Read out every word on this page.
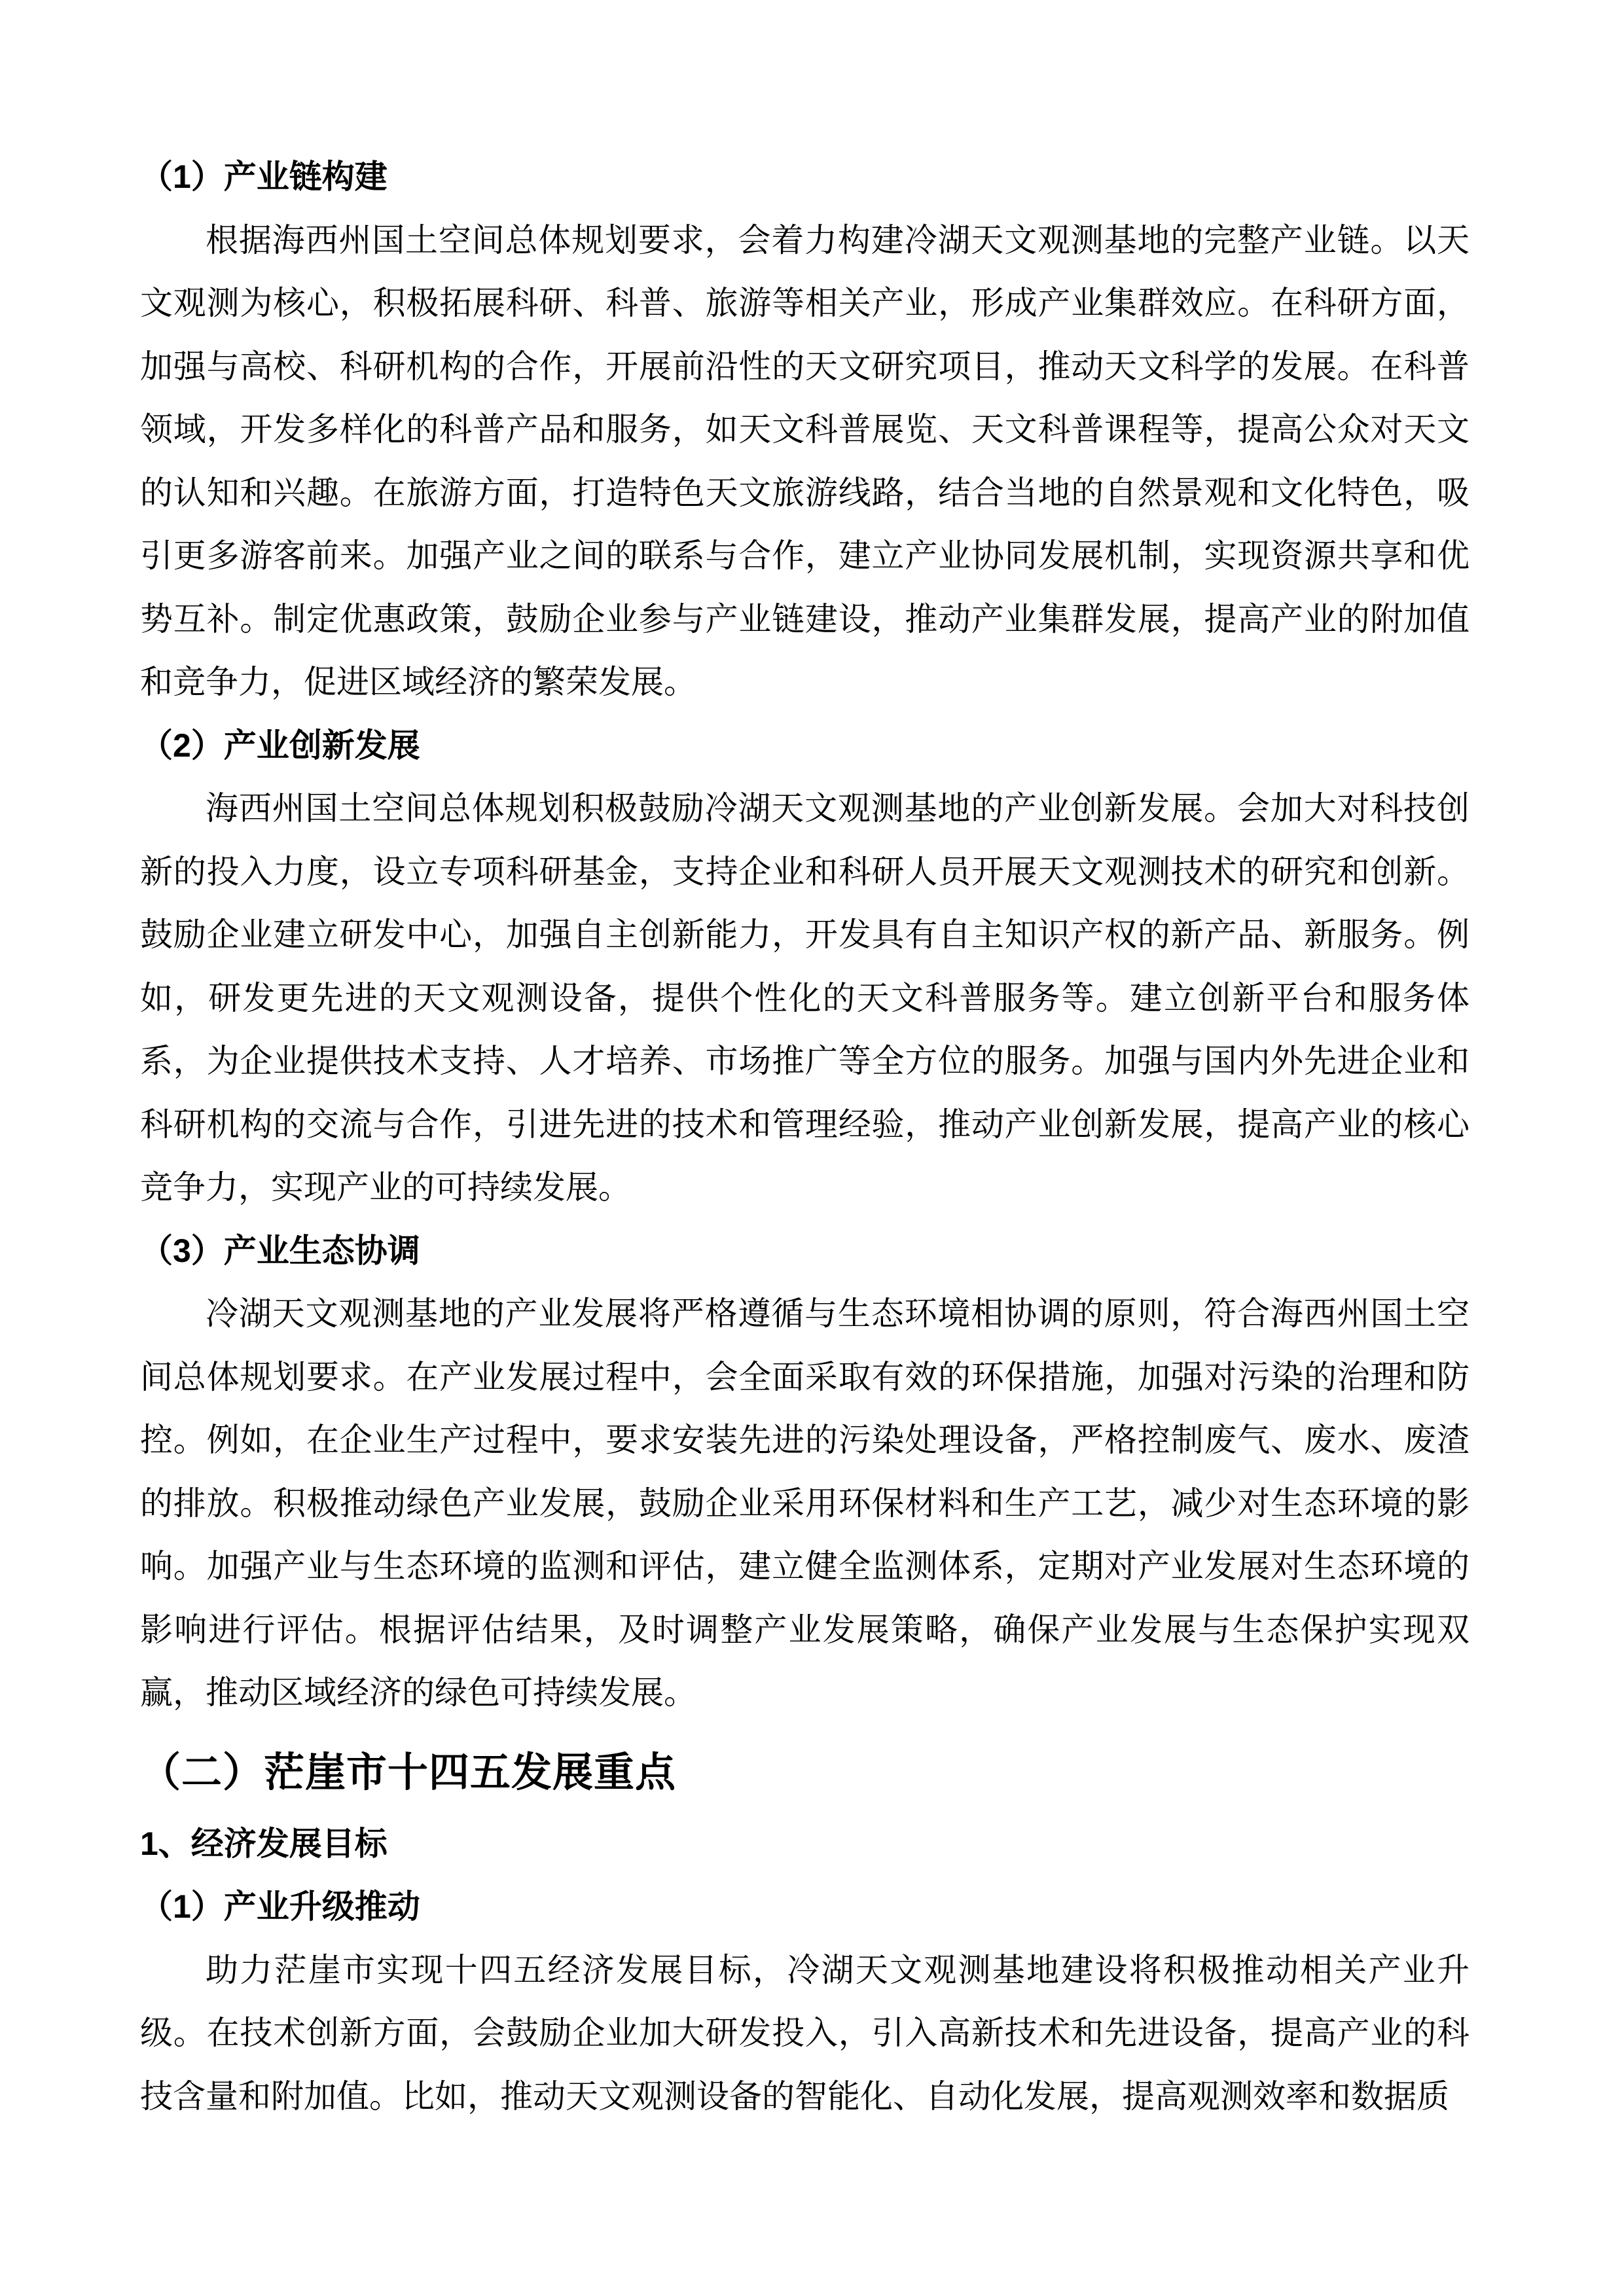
（1）产业链构建

根据海西州国土空间总体规划要求，会着力构建冷湖天文观测基地的完整产业链。以天文观测为核心，积极拓展科研、科普、旅游等相关产业，形成产业集群效应。在科研方面，加强与高校、科研机构的合作，开展前沿性的天文研究项目，推动天文科学的发展。在科普领域，开发多样化的科普产品和服务，如天文科普展览、天文科普课程等，提高公众对天文的认知和兴趣。在旅游方面，打造特色天文旅游线路，结合当地的自然景观和文化特色，吸引更多游客前来。加强产业之间的联系与合作，建立产业协同发展机制，实现资源共享和优势互补。制定优惠政策，鼓励企业参与产业链建设，推动产业集群发展，提高产业的附加值和竞争力，促进区域经济的繁荣发展。

（2）产业创新发展

海西州国土空间总体规划积极鼓励冷湖天文观测基地的产业创新发展。会加大对科技创新的投入力度，设立专项科研基金，支持企业和科研人员开展天文观测技术的研究和创新。鼓励企业建立研发中心，加强自主创新能力，开发具有自主知识产权的新产品、新服务。例如，研发更先进的天文观测设备，提供个性化的天文科普服务等。建立创新平台和服务体系，为企业提供技术支持、人才培养、市场推广等全方位的服务。加强与国内外先进企业和科研机构的交流与合作，引进先进的技术和管理经验，推动产业创新发展，提高产业的核心竞争力，实现产业的可持续发展。

（3）产业生态协调

冷湖天文观测基地的产业发展将严格遵循与生态环境相协调的原则，符合海西州国土空间总体规划要求。在产业发展过程中，会全面采取有效的环保措施，加强对污染的治理和防控。例如，在企业生产过程中，要求安装先进的污染处理设备，严格控制废气、废水、废渣的排放。积极推动绿色产业发展，鼓励企业采用环保材料和生产工艺，减少对生态环境的影响。加强产业与生态环境的监测和评估，建立健全监测体系，定期对产业发展对生态环境的影响进行评估。根据评估结果，及时调整产业发展策略，确保产业发展与生态保护实现双赢，推动区域经济的绿色可持续发展。

（二）茫崖市十四五发展重点
1、经济发展目标
（1）产业升级推动

助力茫崖市实现十四五经济发展目标，冷湖天文观测基地建设将积极推动相关产业升级。在技术创新方面，会鼓励企业加大研发投入，引入高新技术和先进设备，提高产业的科技含量和附加值。比如，推动天文观测设备的智能化、自动化发展，提高观测效率和数据质
